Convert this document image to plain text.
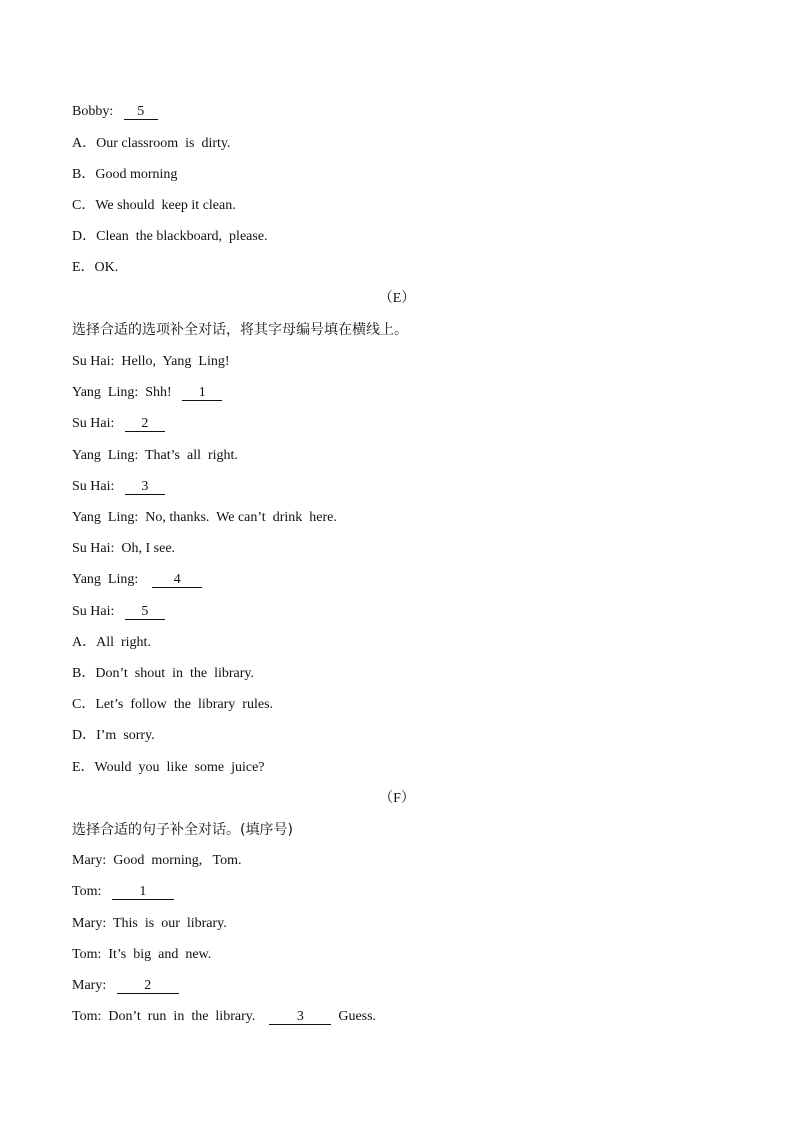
Bobby: 5
A．Our classroom  is  dirty.
B．Good morning
C．We should  keep it clean.
D．Clean  the blackboard,  please.
E．OK.
（E）
选择合适的选项补全对话，将其字母编号填在横线上。
Su Hai:  Hello,  Yang  Ling!
Yang  Ling:  Shh! 1
Su Hai: 2
Yang  Ling:  That’s  all  right.
Su Hai: 3
Yang  Ling:  No, thanks.  We can’t  drink  here.
Su Hai:  Oh, I see.
Yang  Ling:	4
Su Hai: 5
A．All  right.
B．Don’t  shout  in  the  library.
C．Let’s  follow  the  library  rules.
D．I’m  sorry.
E．Would  you  like  some  juice?
（F）
选择合适的句子补全对话。(填序号)
Mary:  Good  morning,   Tom.
Tom:	1
Mary:  This  is  our  library.
Tom:  It’s  big  and  new.
Mary:	2
Tom:  Don’t  run  in  the  library.	3 Guess.
